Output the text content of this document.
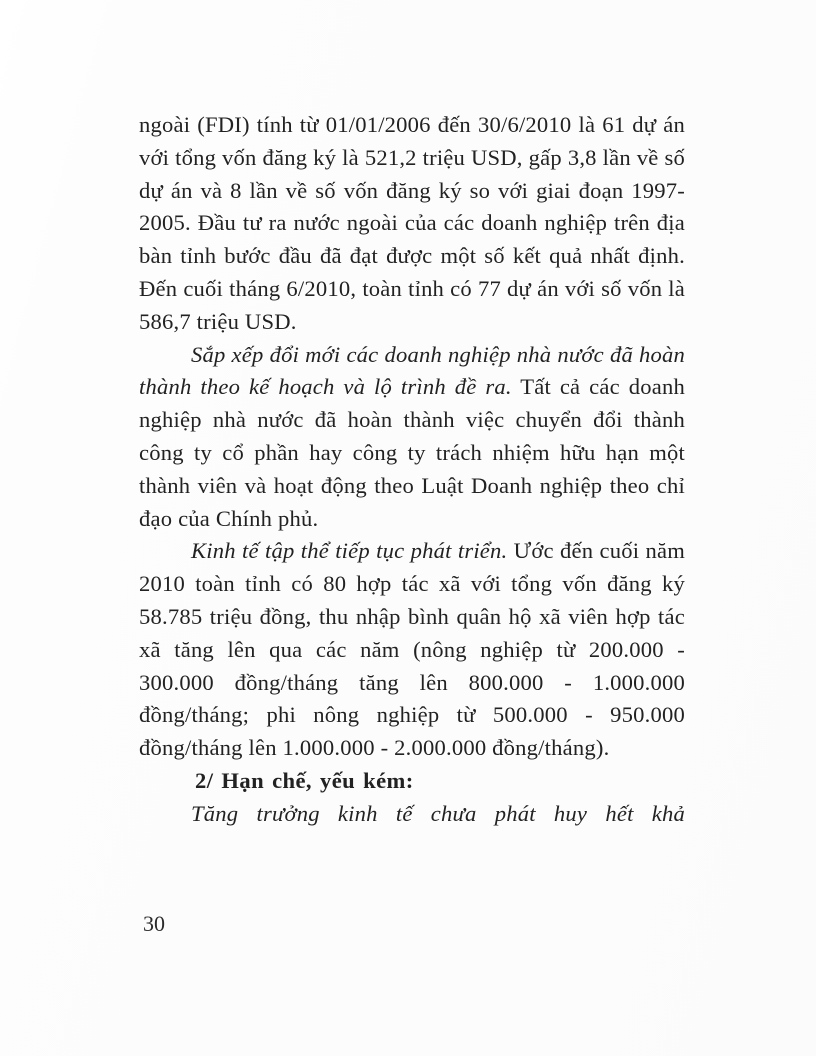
ngoài (FDI) tính từ 01/01/2006 đến 30/6/2010 là 61 dự án với tổng vốn đăng ký là 521,2 triệu USD, gấp 3,8 lần về số dự án và 8 lần về số vốn đăng ký so với giai đoạn 1997-2005. Đầu tư ra nước ngoài của các doanh nghiệp trên địa bàn tỉnh bước đầu đã đạt được một số kết quả nhất định. Đến cuối tháng 6/2010, toàn tỉnh có 77 dự án với số vốn là 586,7 triệu USD.

Sắp xếp đổi mới các doanh nghiệp nhà nước đã hoàn thành theo kế hoạch và lộ trình đề ra. Tất cả các doanh nghiệp nhà nước đã hoàn thành việc chuyển đổi thành công ty cổ phần hay công ty trách nhiệm hữu hạn một thành viên và hoạt động theo Luật Doanh nghiệp theo chỉ đạo của Chính phủ.

Kinh tế tập thể tiếp tục phát triển. Ước đến cuối năm 2010 toàn tỉnh có 80 hợp tác xã với tổng vốn đăng ký 58.785 triệu đồng, thu nhập bình quân hộ xã viên hợp tác xã tăng lên qua các năm (nông nghiệp từ 200.000 - 300.000 đồng/tháng tăng lên 800.000 - 1.000.000 đồng/tháng; phi nông nghiệp từ 500.000 - 950.000 đồng/tháng lên 1.000.000 - 2.000.000 đồng/tháng).

2/ Hạn chế, yếu kém:

Tăng trưởng kinh tế chưa phát huy hết khả

30
